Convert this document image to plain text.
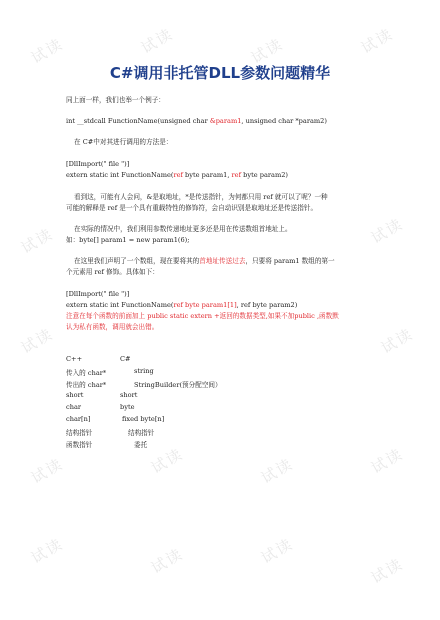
试读	试读	试读	试读
试读	试读
试读	试读
试读	试读	试读	试读
试读	试读	试读
试读
C#调用非托管DLL参数问题精华
同上面一样，我们也举一个例子：
int __stdcall FunctionName(unsigned char &param1, unsigned char *param2)
在 C#中对其进行调用的方法是：
[DllImport(" file ")]
extern static int FunctionName(ref byte param1, ref byte param2)
看到这，可能有人会问，&是取地址，*是传送指针，为何都只用 ref 就可以了呢？一种
可能的解释是 ref 是一个具有重载特性的修饰符，会自动识别是取地址还是传送指针。
在实际的情况中，我们利用参数传递地址更多还是用在传送数组首地址上。
如：byte[] param1 = new param1(6);
在这里我们声明了一个数组，现在要将其的首地址传送过去，只要将 param1 数组的第一
个元素用 ref 修饰。具体如下：
[DllImport(" file ")]
extern static int FunctionName(ref byte param1[1], ref byte param2)
注意在每个函数的前面加上 public static extern +返回的数据类型,如果不加public ,函数默
认为私有函数，调用就会出错。
C++	C#
传入的 char*	string
传出的 char*	StringBuilder(预分配空间）
short	short
char	byte
char[n]	fixed byte[n]
结构指针	结构指针
函数指针	委托
